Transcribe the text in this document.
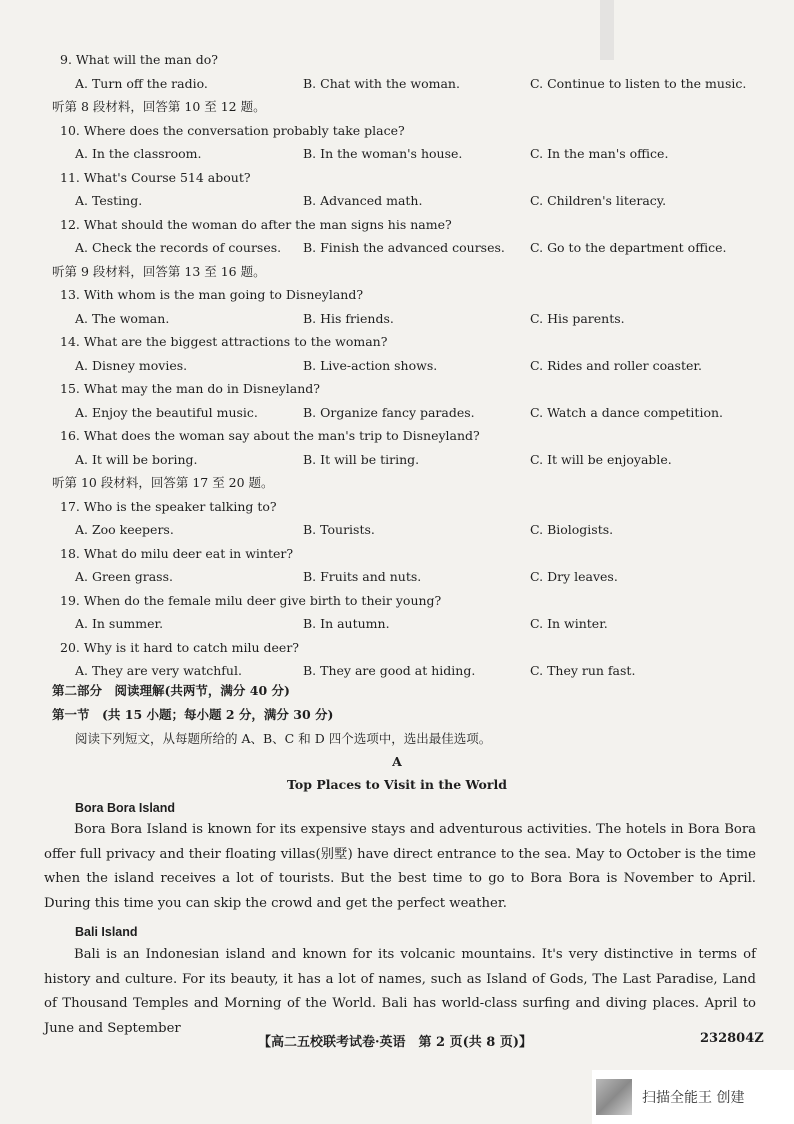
9. What will the man do?
A. Turn off the radio.	B. Chat with the woman.	C. Continue to listen to the music.
听第 8 段材料，回答第 10 至 12 题。
10. Where does the conversation probably take place?
A. In the classroom.	B. In the woman's house.	C. In the man's office.
11. What's Course 514 about?
A. Testing.	B. Advanced math.	C. Children's literacy.
12. What should the woman do after the man signs his name?
A. Check the records of courses. B. Finish the advanced courses. C. Go to the department office.
听第 9 段材料，回答第 13 至 16 题。
13. With whom is the man going to Disneyland?
A. The woman.	B. His friends.	C. His parents.
14. What are the biggest attractions to the woman?
A. Disney movies.	B. Live-action shows.	C. Rides and roller coaster.
15. What may the man do in Disneyland?
A. Enjoy the beautiful music.	B. Organize fancy parades.	C. Watch a dance competition.
16. What does the woman say about the man's trip to Disneyland?
A. It will be boring.	B. It will be tiring.	C. It will be enjoyable.
听第 10 段材料，回答第 17 至 20 题。
17. Who is the speaker talking to?
A. Zoo keepers.	B. Tourists.	C. Biologists.
18. What do milu deer eat in winter?
A. Green grass.	B. Fruits and nuts.	C. Dry leaves.
19. When do the female milu deer give birth to their young?
A. In summer.	B. In autumn.	C. In winter.
20. Why is it hard to catch milu deer?
A. They are very watchful.	B. They are good at hiding.	C. They run fast.
第二部分　阅读理解(共两节，满分 40 分)
第一节　(共 15 小题；每小题 2 分，满分 30 分)
阅读下列短文，从每题所给的 A、B、C 和 D 四个选项中，选出最佳选项。
A
Top Places to Visit in the World
Bora Bora Island
Bora Bora Island is known for its expensive stays and adventurous activities. The hotels in Bora Bora offer full privacy and their floating villas(别墅) have direct entrance to the sea. May to October is the time when the island receives a lot of tourists. But the best time to go to Bora Bora is November to April. During this time you can skip the crowd and get the perfect weather.
Bali Island
Bali is an Indonesian island and known for its volcanic mountains. It's very distinctive in terms of history and culture. For its beauty, it has a lot of names, such as Island of Gods, The Last Paradise, Land of Thousand Temples and Morning of the World. Bali has world-class surfing and diving places. April to June and September
【高二五校联考试卷·英语　第 2 页(共 8 页)】	232804Z
扫描全能王 创建
